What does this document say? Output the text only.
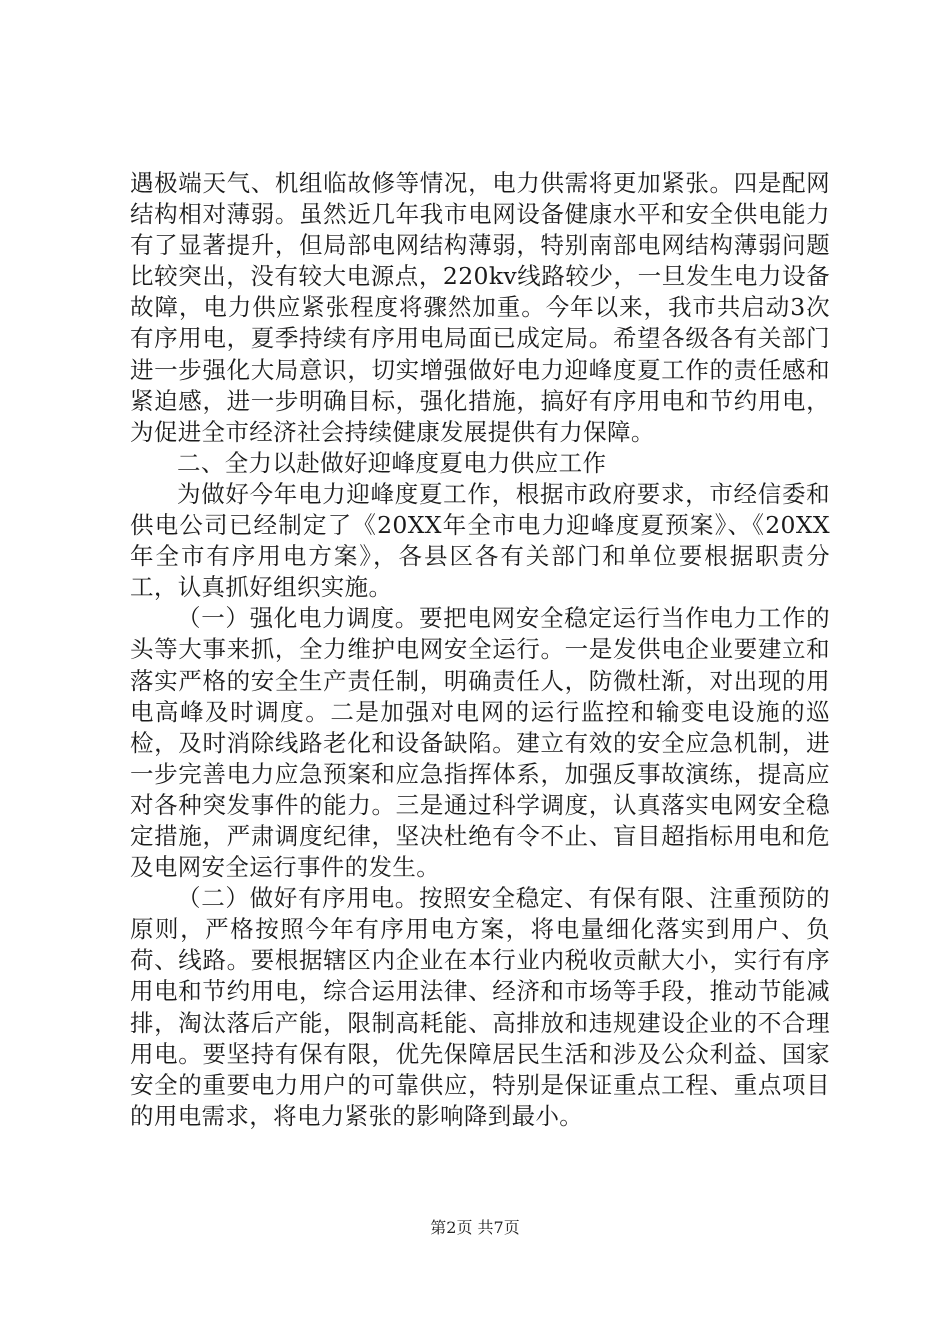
遇极端天气、机组临故修等情况，电力供需将更加紧张。四是配网结构相对薄弱。虽然近几年我市电网设备健康水平和安全供电能力有了显著提升，但局部电网结构薄弱，特别南部电网结构薄弱问题比较突出，没有较大电源点，220kv线路较少，一旦发生电力设备故障，电力供应紧张程度将骤然加重。今年以来，我市共启动3次有序用电，夏季持续有序用电局面已成定局。希望各级各有关部门进一步强化大局意识，切实增强做好电力迎峰度夏工作的责任感和紧迫感，进一步明确目标，强化措施，搞好有序用电和节约用电，为促进全市经济社会持续健康发展提供有力保障。

二、全力以赴做好迎峰度夏电力供应工作

为做好今年电力迎峰度夏工作，根据市政府要求，市经信委和供电公司已经制定了《20XX年全市电力迎峰度夏预案》、《20XX年全市有序用电方案》，各县区各有关部门和单位要根据职责分工，认真抓好组织实施。

（一）强化电力调度。要把电网安全稳定运行当作电力工作的头等大事来抓，全力维护电网安全运行。一是发供电企业要建立和落实严格的安全生产责任制，明确责任人，防微杜渐，对出现的用电高峰及时调度。二是加强对电网的运行监控和输变电设施的巡检，及时消除线路老化和设备缺陷。建立有效的安全应急机制，进一步完善电力应急预案和应急指挥体系，加强反事故演练，提高应对各种突发事件的能力。三是通过科学调度，认真落实电网安全稳定措施，严肃调度纪律，坚决杜绝有令不止、盲目超指标用电和危及电网安全运行事件的发生。

（二）做好有序用电。按照安全稳定、有保有限、注重预防的原则，严格按照今年有序用电方案，将电量细化落实到用户、负荷、线路。要根据辖区内企业在本行业内税收贡献大小，实行有序用电和节约用电，综合运用法律、经济和市场等手段，推动节能减排，淘汰落后产能，限制高耗能、高排放和违规建设企业的不合理用电。要坚持有保有限，优先保障居民生活和涉及公众利益、国家安全的重要电力用户的可靠供应，特别是保证重点工程、重点项目的用电需求，将电力紧张的影响降到最小。

第2页 共7页
